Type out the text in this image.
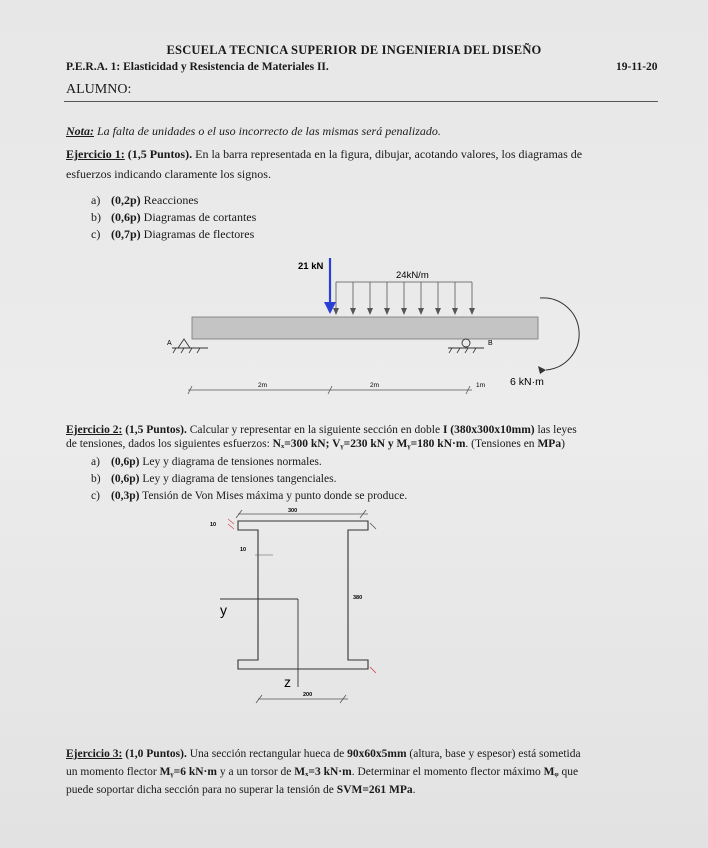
ESCUELA TECNICA SUPERIOR DE INGENIERIA DEL DISEÑO
P.E.R.A. 1: Elasticidad y Resistencia de Materiales II.	19-11-20
ALUMNO:
Nota: La falta de unidades o el uso incorrecto de las mismas será penalizado.
Ejercicio 1: (1,5 Puntos). En la barra representada en la figura, dibujar, acotando valores, los diagramas de
esfuerzos indicando claramente los signos.
a) (0,2p) Reacciones
b) (0,6p) Diagramas de cortantes
c) (0,7p) Diagramas de flectores
21 kN
24kN/m
A	B
6 kN·m
2m	2m	1m
Ejercicio 2: (1,5 Puntos). Calcular y representar en la siguiente sección en doble I (380x300x10mm) las leyes
de tensiones, dados los siguientes esfuerzos: Nₓ=300 kN; Vᵧ=230 kN y Mᵧ=180 kN·m. (Tensiones en MPa)
a) (0,6p) Ley y diagrama de tensiones normales.
b) (0,6p) Ley y diagrama de tensiones tangenciales.
c) (0,3p) Tensión de Von Mises máxima y punto donde se produce.
300
10
10
380
y
z
200
Ejercicio 3: (1,0 Puntos). Una sección rectangular hueca de 90x60x5mm (altura, base y espesor) está sometida
un momento flector Mᵧ=6 kN·m y a un torsor de Mₓ=3 kN·m. Determinar el momento flector máximo Mᵩ que
puede soportar dicha sección para no superar la tensión de SVM=261 MPa.
